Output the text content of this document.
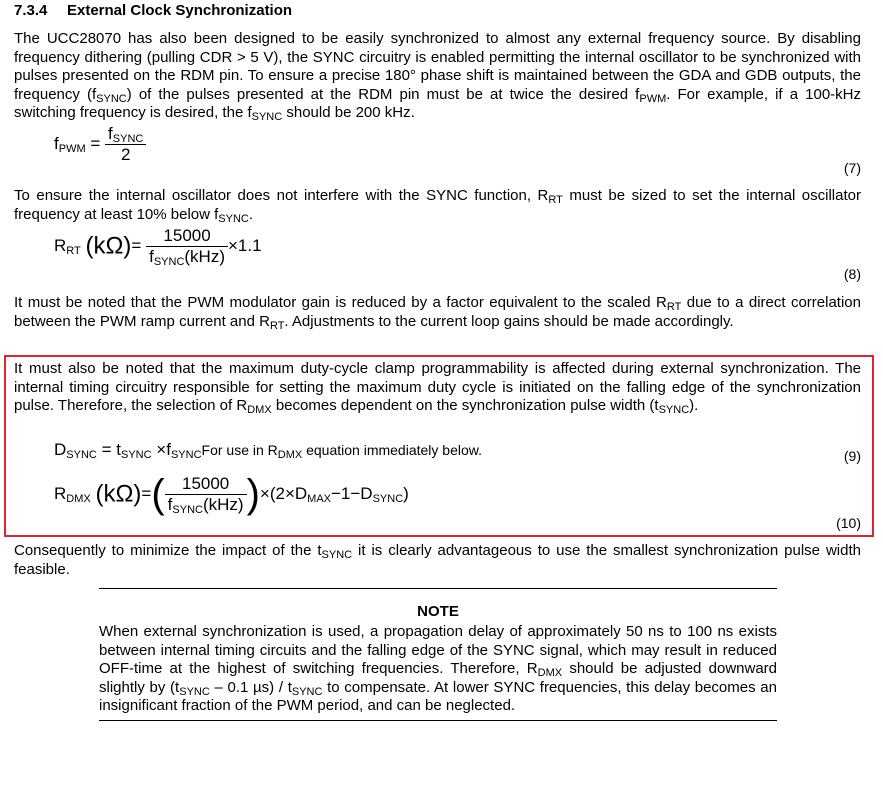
7.3.4 External Clock Synchronization

The UCC28070 has also been designed to be easily synchronized to almost any external frequency source. By disabling frequency dithering (pulling CDR > 5 V), the SYNC circuitry is enabled permitting the internal oscillator to be synchronized with pulses presented on the RDM pin. To ensure a precise 180° phase shift is maintained between the GDA and GDB outputs, the frequency $(f_{SYNC})$ of the pulses presented at the RDM pin must be at twice the desired $f_{PWM}$. For example, if a 100-kHz switching frequency is desired, the $f_{SYNC}$ should be 200 kHz.

$f_{PWM} = \frac{f_{SYNC}}{2}$
(7)

To ensure the internal oscillator does not interfere with the SYNC function, $R_{RT}$ must be sized to set the internal oscillator frequency at least 10% below $f_{SYNC}$.

$R_{RT}$ $(k\Omega)= \frac{15000}{f_{SYNC}(kHz)} \times 1.1$
(8)

It must be noted that the PWM modulator gain is reduced by a factor equivalent to the scaled $R_{RT}$ due to a direct correlation between the PWM ramp current and $R_{RT}$. Adjustments to the current loop gains should be made accordingly.

It must also be noted that the maximum duty-cycle clamp programmability is affected during external synchronization. The internal timing circuitry responsible for setting the maximum duty cycle is initiated on the falling edge of the synchronization pulse. Therefore, the selection of $R_{DMX}$ becomes dependent on the synchronization pulse width $(t_{SYNC})$.

$D_{SYNC} = t_{SYNC} \times f_{SYNC}For$ use in $R_{DMX}$ equation immediately below.	(9)
$R_{DMX}$ $(k\Omega)=( \frac{15000}{f_{SYNC}(kHz)} )\times(2\times D_{MAX}-1-D_{SYNC})$
(10)

Consequently to minimize the impact of the $t_{SYNC}$ it is clearly advantageous to use the smallest synchronization pulse width feasible.

NOTE

When external synchronization is used, a propagation delay of approximately 50 ns to 100 ns exists between internal timing circuits and the falling edge of the SYNC signal, which may result in reduced OFF-time at the highest of switching frequencies. Therefore, $R_{DMX}$ should be adjusted downward slightly by ($t_{SYNC} - 0.1$ $\mu s) / t_{SYNC}$ to compensate. At lower SYNC frequencies, this delay becomes an insignificant fraction of the PWM period, and can be neglected.
